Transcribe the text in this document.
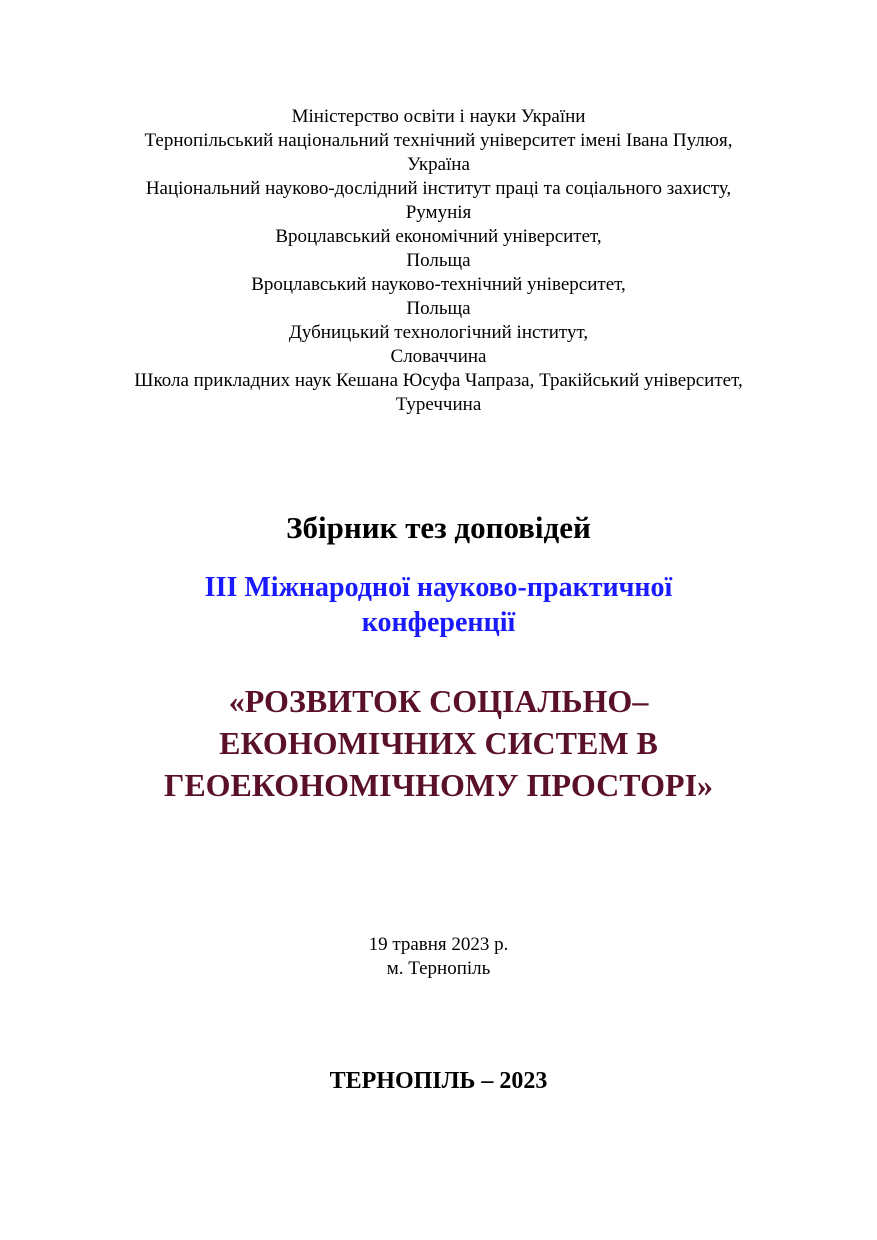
Міністерство освіти і науки України
Тернопільський національний технічний університет імені Івана Пулюя,
Україна
Національний науково-дослідний інститут праці та соціального захисту,
Румунія
Вроцлавський економічний університет,
Польща
Вроцлавський науково-технічний університет,
Польща
Дубницький технологічний інститут,
Словаччина
Школа прикладних наук Кешана Юсуфа Чапраза, Тракійський університет,
Туреччина
Збірник тез доповідей
ІІІ Міжнародної науково-практичної
конференції
«РОЗВИТОК СОЦІАЛЬНО–
ЕКОНОМІЧНИХ СИСТЕМ В
ГЕОЕКОНОМІЧНОМУ ПРОСТОРІ»
19 травня 2023 р.
м. Тернопіль
ТЕРНОПІЛЬ – 2023
